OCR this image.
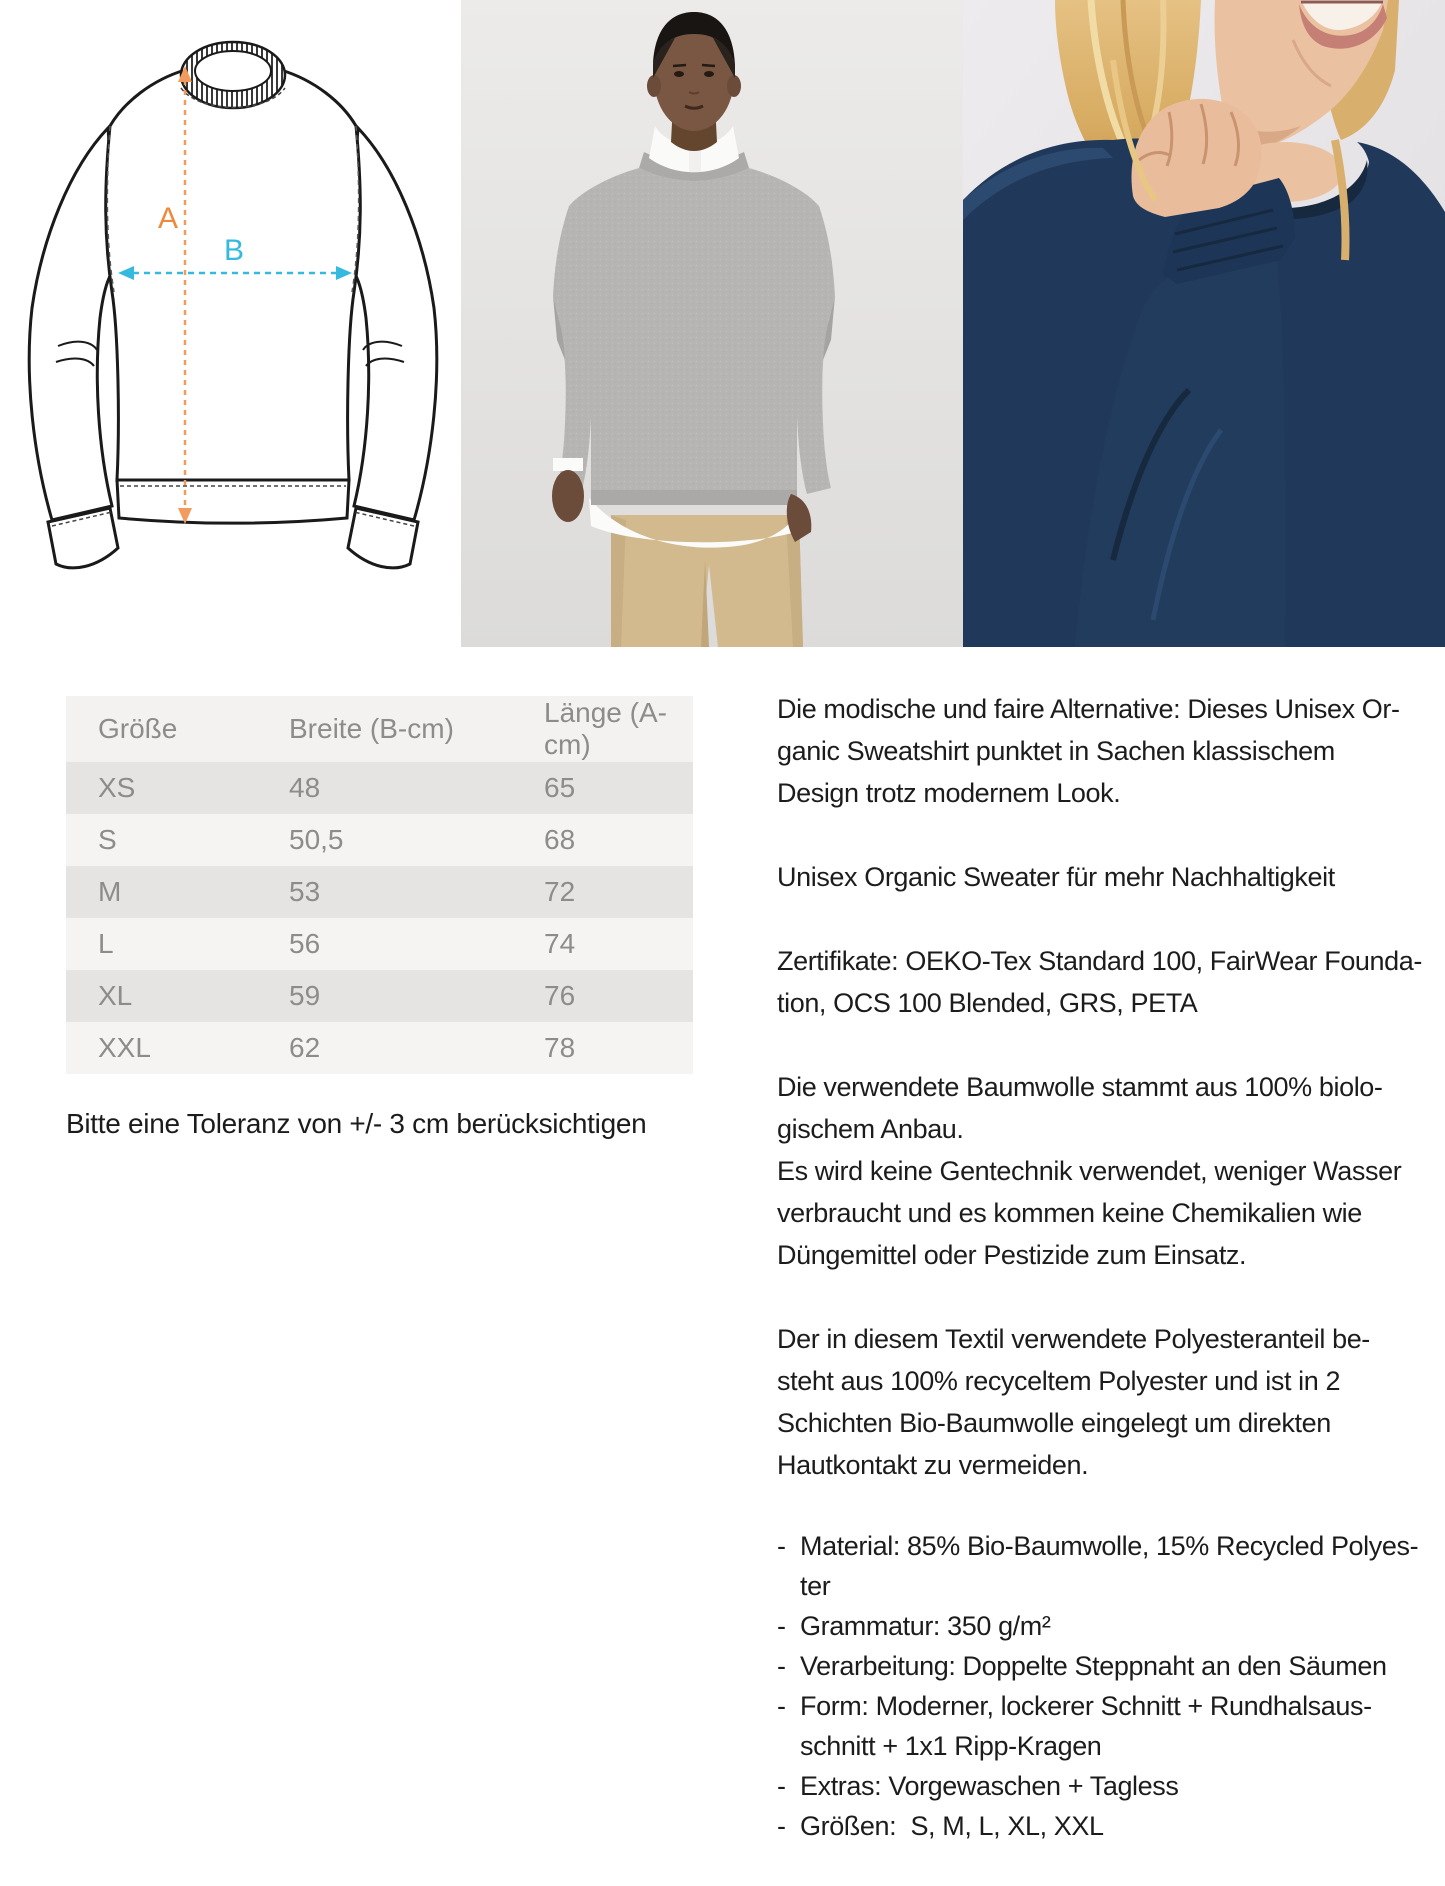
A
B
Größe	Breite (B-cm)	Länge (A-cm)
XS	48	65
S	50,5	68
M	53	72
L	56	74
XL	59	76
XXL	62	78
Bitte eine Toleranz von +/- 3 cm berücksichtigen
Die modische und faire Alternative: Dieses Unisex Or-
ganic Sweatshirt punktet in Sachen klassischem
Design trotz modernem Look.
Unisex Organic Sweater für mehr Nachhaltigkeit
Zertifikate: OEKO-Tex Standard 100, FairWear Founda-
tion, OCS 100 Blended, GRS, PETA
Die verwendete Baumwolle stammt aus 100% biolo-
gischem Anbau.
Es wird keine Gentechnik verwendet, weniger Wasser
verbraucht und es kommen keine Chemikalien wie
Düngemittel oder Pestizide zum Einsatz.
Der in diesem Textil verwendete Polyesteranteil be-
steht aus 100% recyceltem Polyester und ist in 2
Schichten Bio-Baumwolle eingelegt um direkten
Hautkontakt zu vermeiden.
- Material: 85% Bio-Baumwolle, 15% Recycled Polyes-
ter
- Grammatur: 350 g/m²
- Verarbeitung: Doppelte Steppnaht an den Säumen
- Form: Moderner, lockerer Schnitt + Rundhalsaus-
schnitt + 1x1 Ripp-Kragen
- Extras: Vorgewaschen + Tagless
- Größen:  S, M, L, XL, XXL
